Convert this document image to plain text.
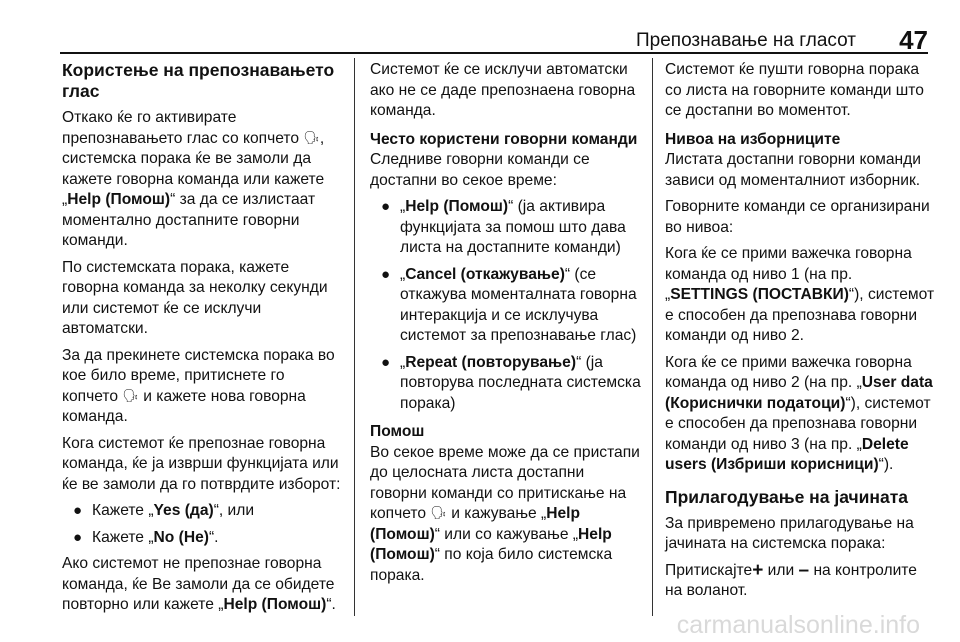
Препознавање на гласот 47
Користење на препознавањето глас

Откако ќе го активирате препознавањето глас со копчето 🗣︎, системска порака ќе ве замоли да кажете говорна команда или кажете „Help (Помош)“ за да се излистаат моментално достапните говорни команди.

По системската порака, кажете говорна команда за неколку секунди или системот ќе се исклучи автоматски.

За да прекинете системска порака во кое било време, притиснете го копчето 🗣︎ и кажете нова говорна команда.

Кога системот ќе препознае говорна команда, ќе ја изврши функцијата или ќе ве замоли да го потврдите изборот:

● Кажете „Yes (да)“, или
● Кажете „No (Не)“.

Ако системот не препознае говорна команда, ќе Ве замоли да се обидете повторно или кажете „Help (Помош)“.

Системот ќе се исклучи автоматски ако не се даде препознаена говорна команда.

Често користени говорни команди

Следниве говорни команди се достапни во секое време:

● „Help (Помош)“ (ја активира функцијата за помош што дава листа на достапните команди)
● „Cancel (откажување)“ (се откажува моменталната говорна интеракција и се исклучува системот за препознавање глас)
● „Repeat (повторување)“ (ја повторува последната системска порака)
Помош

Во секое време може да се пристапи до целосната листа достапни говорни команди со притискање на копчето 🗣︎ и кажување „Help (Помош)“ или со кажување „Help (Помош)“ по која било системска порака.

Системот ќе пушти говорна порака со листа на говорните команди што се достапни во моментот.

Нивоа на изборниците

Листата достапни говорни команди зависи од моменталниот изборник.

Говорните команди се организирани во нивоа:

Кога ќе се прими важечка говорна команда од ниво 1 (на пр. „SETTINGS (ПОСТАВКИ)“), системот е способен да препознава говорни команди од ниво 2.

Кога ќе се прими важечка говорна команда од ниво 2 (на пр. „User data (Кориснички податоци)“), системот е способен да препознава говорни команди од ниво 3 (на пр. „Delete users (Избриши корисници)“).

Прилагодување на јачината

За привремено прилагодување на јачината на системска порака:

Притискајте+ или – на контролите на воланот.

carmanualsonline.info
